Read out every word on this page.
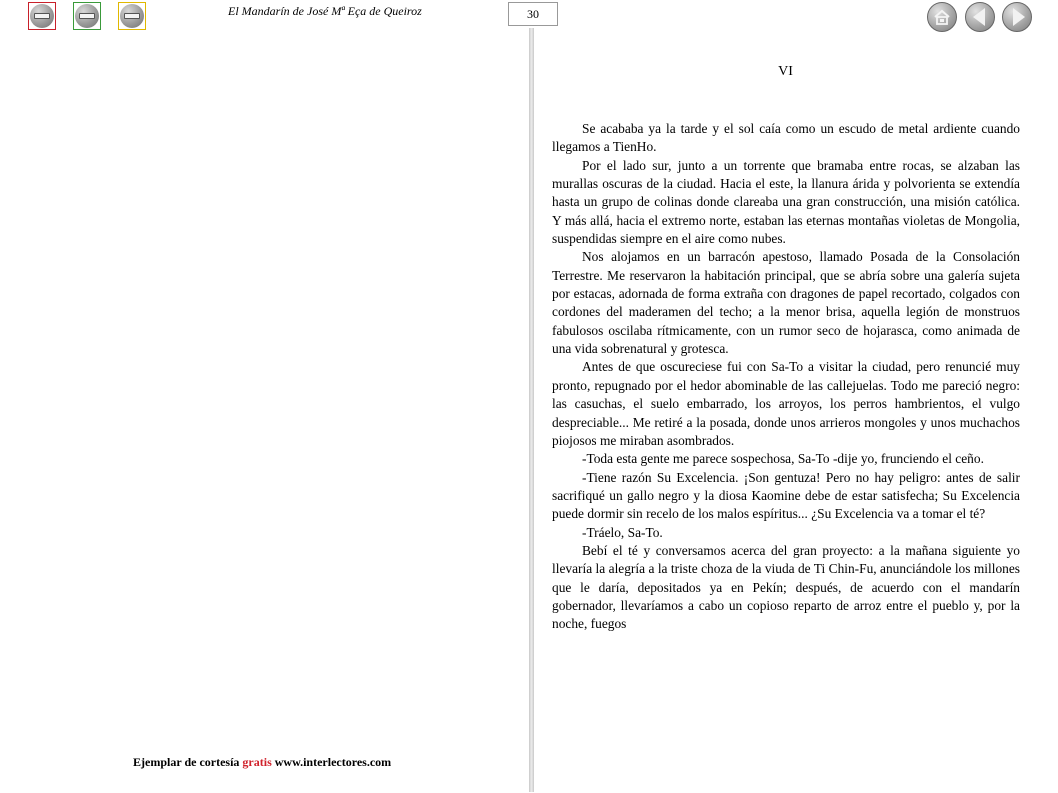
El Mandarín de José Mª Eça de Queiroz	30
VI

Se acababa ya la tarde y el sol caía como un escudo de metal ardiente cuando llegamos a TienHo.

Por el lado sur, junto a un torrente que bramaba entre rocas, se alzaban las murallas oscuras de la ciudad. Hacia el este, la llanura árida y polvorienta se extendía hasta un grupo de colinas donde clareaba una gran construcción, una misión católica. Y más allá, hacia el extremo norte, estaban las eternas montañas violetas de Mongolia, suspendidas siempre en el aire como nubes.

Nos alojamos en un barracón apestoso, llamado Posada de la Consolación Terrestre. Me reservaron la habitación principal, que se abría sobre una galería sujeta por estacas, adornada de forma extraña con dragones de papel recortado, colgados con cordones del maderamen del techo; a la menor brisa, aquella legión de monstruos fabulosos oscilaba rítmicamente, con un rumor seco de hojarasca, como animada de una vida sobrenatural y grotesca.

Antes de que oscureciese fui con Sa-To a visitar la ciudad, pero renuncié muy pronto, repugnado por el hedor abominable de las callejuelas. Todo me pareció negro: las casuchas, el suelo embarrado, los arroyos, los perros hambrientos, el vulgo despreciable... Me retiré a la posada, donde unos arrieros mongoles y unos muchachos piojosos me miraban asombrados.

-Toda esta gente me parece sospechosa, Sa-To -dije yo, frunciendo el ceño.

-Tiene razón Su Excelencia. ¡Son gentuza! Pero no hay peligro: antes de salir sacrifiqué un gallo negro y la diosa Kaomine debe de estar satisfecha; Su Excelencia puede dormir sin recelo de los malos espíritus... ¿Su Excelencia va a tomar el té?

-Tráelo, Sa-To.

Bebí el té y conversamos acerca del gran proyecto: a la mañana siguiente yo llevaría la alegría a la triste choza de la viuda de Ti Chin-Fu, anunciándole los millones que le daría, depositados ya en Pekín; después, de acuerdo con el mandarín gobernador, llevaríamos a cabo un copioso reparto de arroz entre el pueblo y, por la noche, fuegos

Ejemplar de cortesía gratis www.interlectores.com
